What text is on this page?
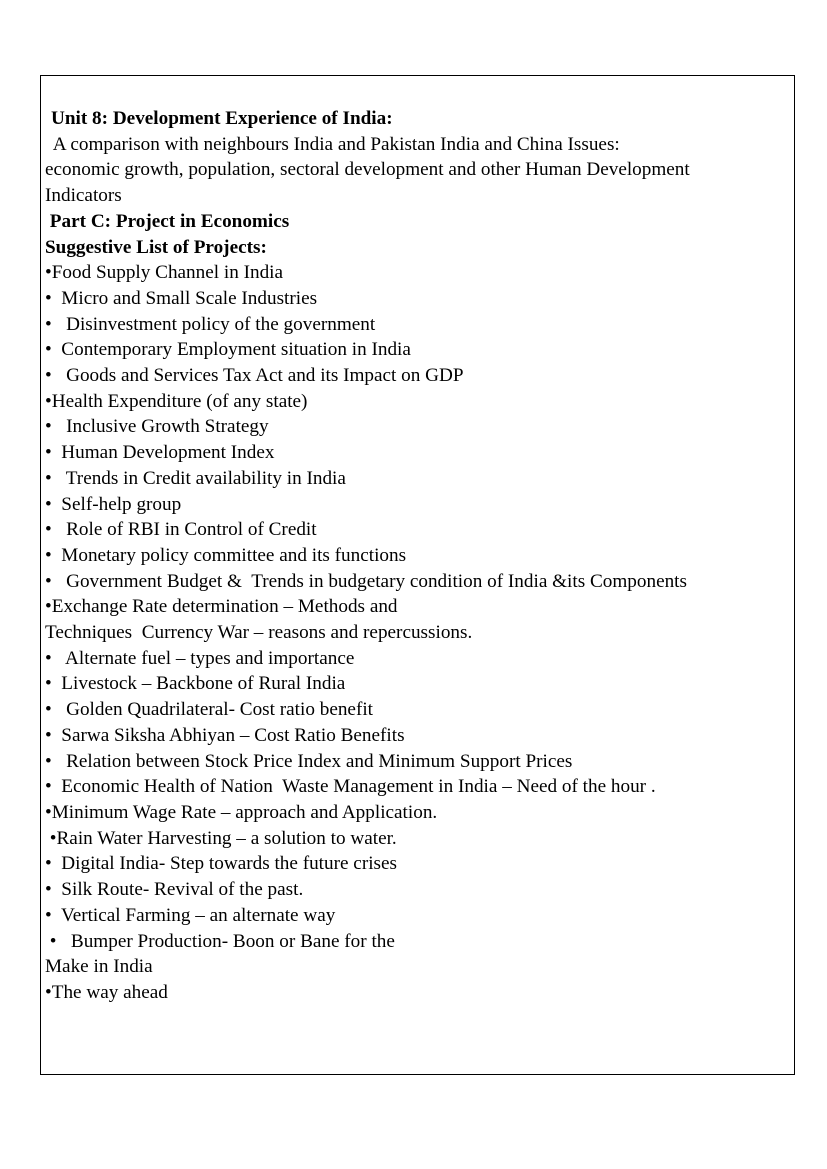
Unit 8: Development Experience of India:
A comparison with neighbours India and Pakistan India and China Issues:
economic growth, population, sectoral development and other Human Development
Indicators
Part C: Project in Economics
Suggestive List of Projects:
•Food Supply Channel in India
•  Micro and Small Scale Industries
•   Disinvestment policy of the government
•  Contemporary Employment situation in India
•   Goods and Services Tax Act and its Impact on GDP
•Health Expenditure (of any state)
•   Inclusive Growth Strategy
•  Human Development Index
•   Trends in Credit availability in India
•  Self-help group
•   Role of RBI in Control of Credit
•  Monetary policy committee and its functions
•   Government Budget &  Trends in budgetary condition of India &its Components
•Exchange Rate determination – Methods and
Techniques  Currency War – reasons and repercussions.
•   Alternate fuel – types and importance
•  Livestock – Backbone of Rural India
•   Golden Quadrilateral- Cost ratio benefit
•  Sarwa Siksha Abhiyan – Cost Ratio Benefits
•   Relation between Stock Price Index and Minimum Support Prices
•  Economic Health of Nation  Waste Management in India – Need of the hour .
•Minimum Wage Rate – approach and Application.
•Rain Water Harvesting – a solution to water.
•  Digital India- Step towards the future crises
•  Silk Route- Revival of the past.
•  Vertical Farming – an alternate way
•   Bumper Production- Boon or Bane for the
Make in India
•The way ahead
